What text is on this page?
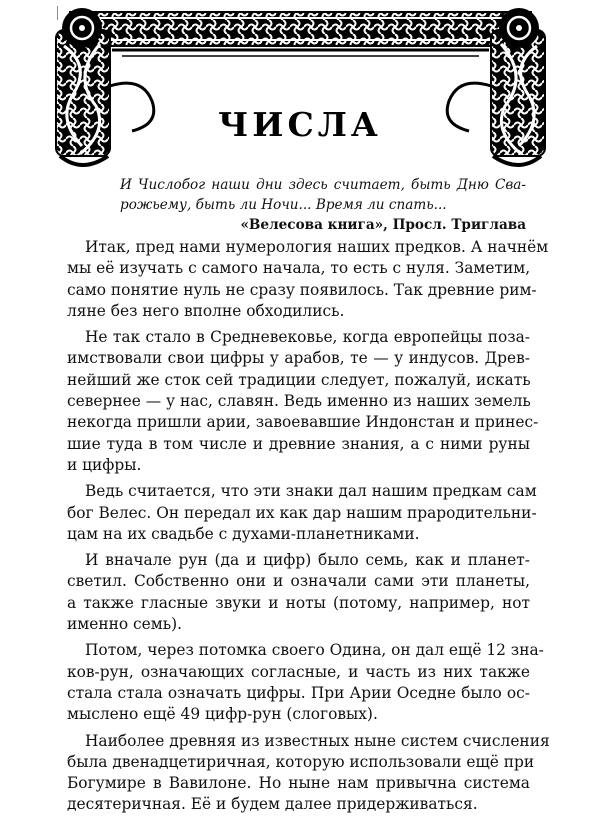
ЧИСЛА
И Числобог наши дни здесь считает, быть Дню Сва-
рожьему, быть ли Ночи... Время ли спать...
«Велесова книга», Просл. Триглава

Итак, пред нами нумерология наших предков. А начнём
мы её изучать с самого начала, то есть с нуля. Заметим,
само понятие нуль не сразу появилось. Так древние рим-
ляне без него вполне обходились.

Не так стало в Средневековье, когда европейцы поза-
имствовали свои цифры у арабов, те — у индусов. Древ-
нейший же сток сей традиции следует, пожалуй, искать
севернее — у нас, славян. Ведь именно из наших земель
некогда пришли арии, завоевавшие Индонстан и принес-
шие туда в том числе и древние знания, а с ними руны
и цифры.

Ведь считается, что эти знаки дал нашим предкам сам
бог Велес. Он передал их как дар нашим прародительни-
цам на их свадьбе с духами-планетниками.

И вначале рун (да и цифр) было семь, как и планет-
светил. Собственно они и означали сами эти планеты,
а также гласные звуки и ноты (потому, например, нот
именно семь).

Потом, через потомка своего Одина, он дал ещё 12 зна-
ков-рун, означающих согласные, и часть из них также
стала стала означать цифры. При Арии Оседне было ос-
мыслено ещё 49 цифр-рун (слоговых).

Наиболее древняя из известных ныне систем счисления
была двенадцетиричная, которую использовали ещё при
Богумире в Вавилоне. Но ныне нам привычна система
десятеричная. Её и будем далее придерживаться.
